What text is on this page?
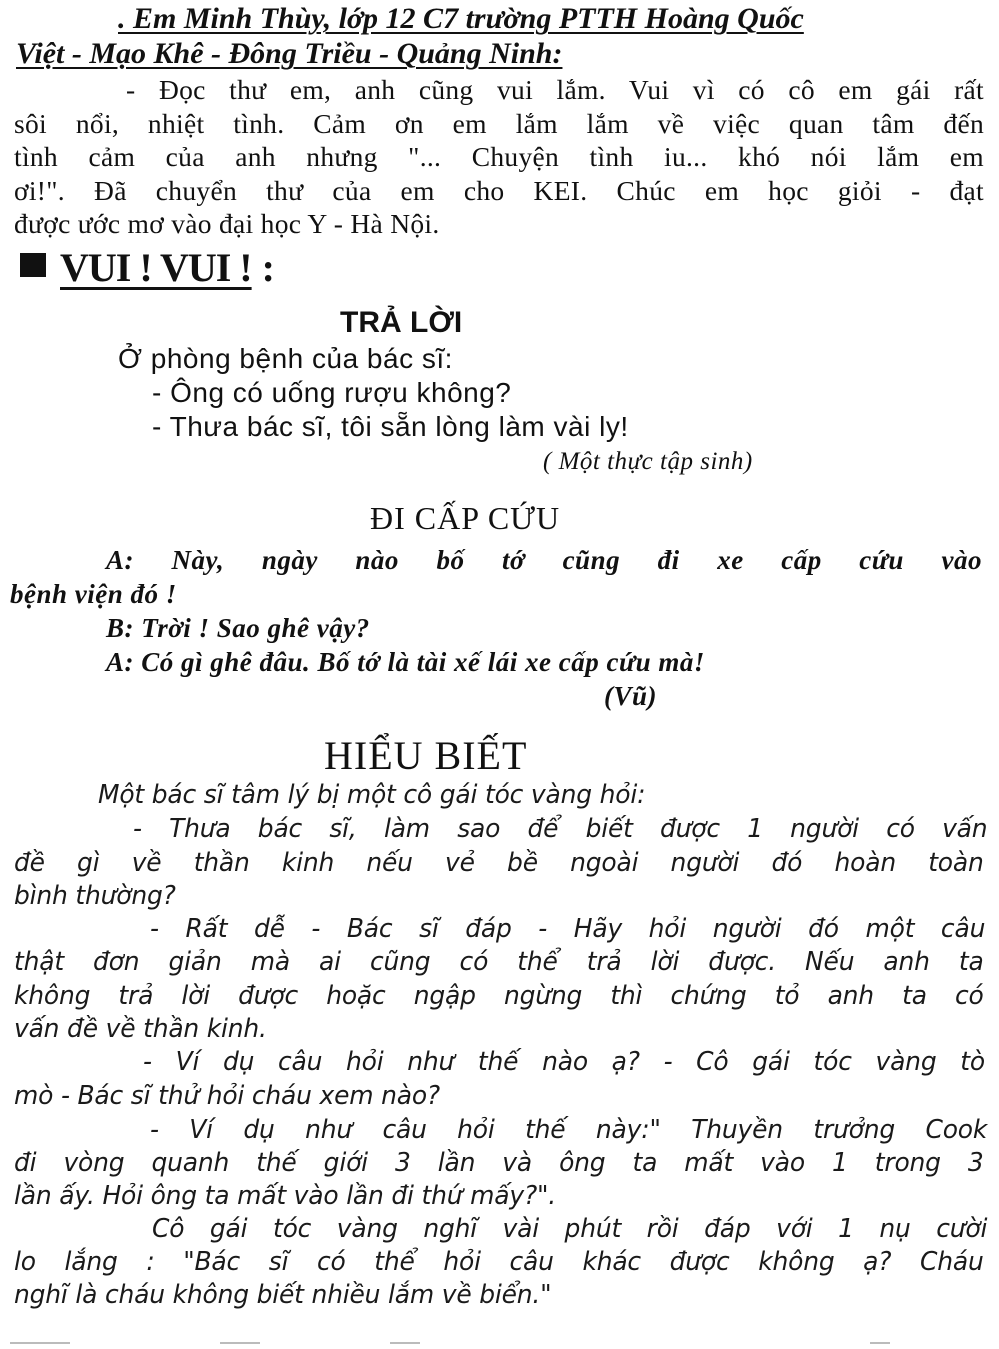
. Em Minh Thùy, lớp 12 C7 trường PTTH Hoàng Quốc
Việt - Mạo Khê - Đông Triều - Quảng Ninh:
- Đọc thư em, anh cũng vui lắm. Vui vì có cô em gái rất
sôi nổi, nhiệt tình. Cảm ơn em lắm lắm về việc quan tâm đến
tình cảm của anh nhưng "... Chuyện tình iu... khó nói lắm em
ơi!". Đã chuyển thư của em cho KEI. Chúc em học giỏi - đạt
được ước mơ vào đại học Y - Hà Nội.
VUI ! VUI ! :
TRẢ LỜI
Ở phòng bệnh của bác sĩ:
- Ông có uống rượu không?
- Thưa bác sĩ, tôi sẵn lòng làm vài ly!
( Một thực tập sinh)
ĐI CẤP CỨU
A: Này, ngày nào bố tớ cũng đi xe cấp cứu vào
bệnh viện đó !
B: Trời ! Sao ghê vậy?
A: Có gì ghê đâu. Bố tớ là tài xế lái xe cấp cứu mà!
(Vũ)
HIỂU BIẾT
Một bác sĩ tâm lý bị một cô gái tóc vàng hỏi:
- Thưa bác sĩ, làm sao để biết được 1 người có vấn
đề gì về thần kinh nếu vẻ bề ngoài người đó hoàn toàn
bình thường?
- Rất dễ - Bác sĩ đáp - Hãy hỏi người đó một câu
thật đơn giản mà ai cũng có thể trả lời được. Nếu anh ta
không trả lời được hoặc ngập ngừng thì chứng tỏ anh ta có
vấn đề về thần kinh.
- Ví dụ câu hỏi như thế nào ạ? - Cô gái tóc vàng tò
mò - Bác sĩ thử hỏi cháu xem nào?
- Ví dụ như câu hỏi thế này:" Thuyền trưởng Cook
đi vòng quanh thế giới 3 lần và ông ta mất vào 1 trong 3
lần ấy. Hỏi ông ta mất vào lần đi thứ mấy?".
Cô gái tóc vàng nghĩ vài phút rồi đáp với 1 nụ cười
lo lắng : "Bác sĩ có thể hỏi câu khác được không ạ? Cháu
nghĩ là cháu không biết nhiều lắm về biển."
